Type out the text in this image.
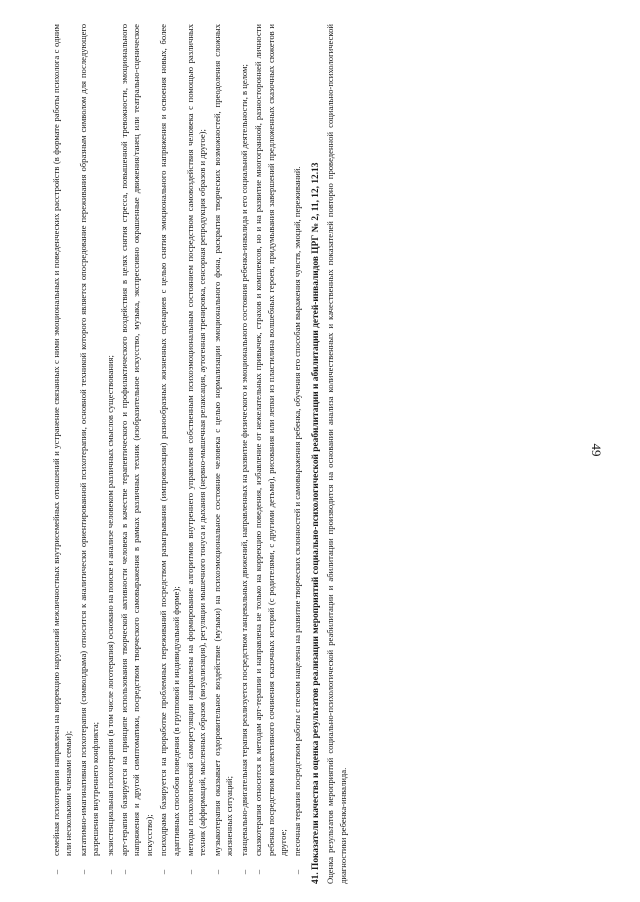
49
–
семейная психотерапия направлена на коррекцию нарушений межличностных внутрисемейных отношений и устранение связанных с ними эмоциональных и поведенческих расстройств (в формате работы психолога с одним или несколькими членами семьи);
–
кататимно-имагинативная психотерапия (символдрама) относится к аналитически ориентированной психотерапии, основной техникой которого является опосредование переживания образным символом для последующего разрешения внутреннего конфликта;
–
экзистенциальная психотерапия (в том числе логотерапия) основано на поиске и анализе человеком различных смыслов существования;
–
арт-терапия базируется на принципе использования творческой активности человека в качестве терапевтического и профилактического воздействия в целях снятия стресса, повышенной тревожности, эмоционального напряжения и другой симптоматики, посредством творческого самовыражения в рамках различных техник (изобразительное искусство, музыка, экспрессивно окрашенные движения/танец или театрально-сценическое искусство);
–
психодрама базируется на проработке проблемных переживаний посредством разыгрывания (импровизации) разнообразных жизненных сценариев с целью снятия эмоционального напряжения и освоения новых, более адаптивных способов поведения (в групповой и индивидуальной форме);
–
методы психологической саморегуляции направлены на формирование алгоритмов внутреннего управления собственным психоэмоциональным состоянием посредством самовоздействия человека с помощью различных техник (аффирмаций, мысленных образов (визуализация), регуляции мышечного тонуса и дыхания (нервно-мышечная релаксация, аутогенная тренировка, сенсорная репродукция образов и другое);
–
музыкотерапия оказывает оздоровительное воздействие (музыки) на психоэмоциональное состояние человека с целью нормализации эмоционального фона, раскрытия творческих возможностей, преодоления сложных жизненных ситуаций;
–
танцевально-двигательная терапия реализуется посредством танцевальных движений, направленных на развитие физического и эмоционального состояния ребенка-инвалида и его социальной деятельности, в целом;
–
сказкотерапия относится к методам арт-терапии и направлена не только на коррекцию поведения, избавление от нежелательных привычек, страхов и комплексов, но и на развитие многогранной, разносторонней личности ребенка посредством коллективного сочинения сказочных историй (с родителями, с другими детьми), рисования или лепки из пластилина волшебных героев, придумывания завершений предложенных сказочных сюжетов и другое;
–
песочная терапия посредством работы с песком нацелена на развитие творческих склонностей и самовыражения ребенка, обучения его способам выражения чувств, эмоций, переживаний. 41. Показатели качества и оценка результатов реализации мероприятий социально-психологической реабилитации и абилитации детей-инвалидов ЦРГ № 2, 11, 12, 12.13 Оценка результатов мероприятий социально-психологической реабилитации и абилитации производится на основании анализа количественных и качественных показателей повторно проведенной социально-психологической диагностики ребенка-инвалида.
